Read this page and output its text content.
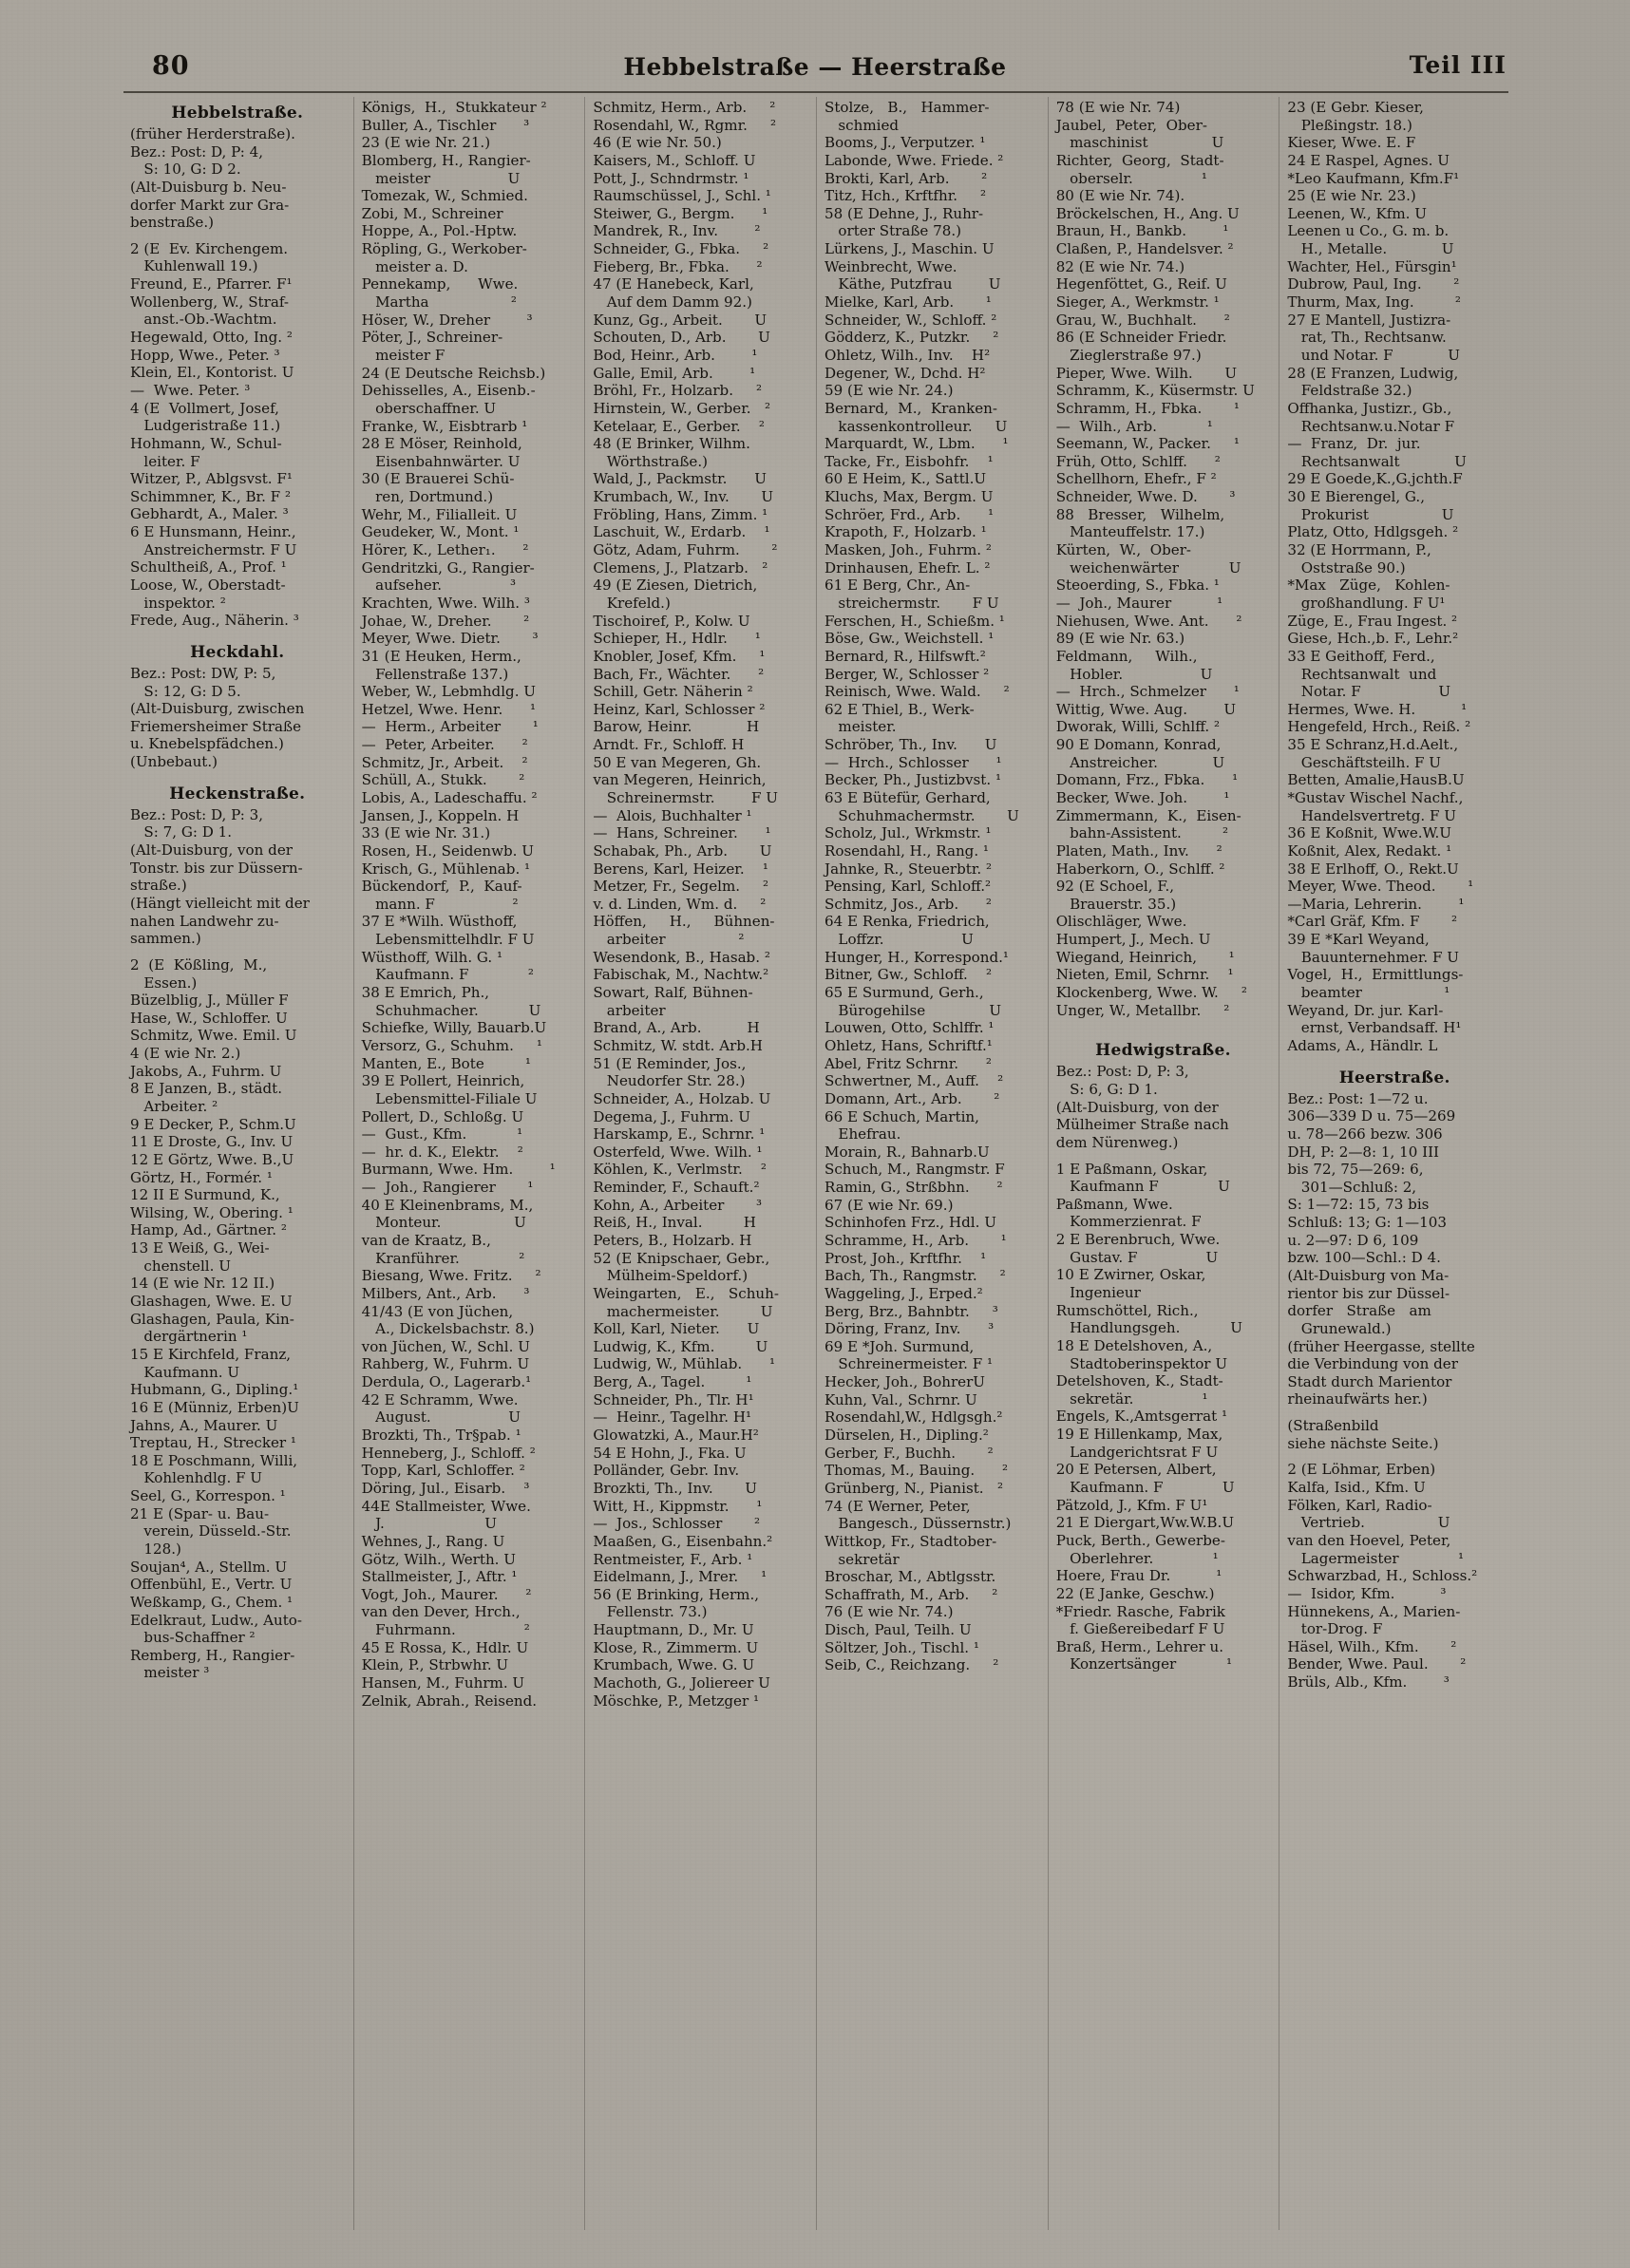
80	Hebbelstraße — Heerstraße	Teil III
Hebbelstraße.
(früher Herderstraße).
Bez.: Post: D, P: 4,
S: 10, G: D 2.
(Alt-Duisburg b. Neu-
dorfer Markt zur Gra-
benstraße.)
2 (E  Ev. Kirchengem.
Kuhlenwall 19.)
Freund, E., Pfarrer. F¹
Wollenberg, W., Straf-
anst.-Ob.-Wachtm.
Hegewald, Otto, Ing. ²
Hopp, Wwe., Peter. ³
Klein, El., Kontorist. U
—  Wwe. Peter. ³
4 (E  Vollmert, Josef,
Ludgeristraße 11.)
Hohmann, W., Schul-
leiter. F
Witzer, P., Ablgsvst. F¹
Schimmner, K., Br. F ²
Gebhardt, A., Maler. ³
6 E Hunsmann, Heinr.,
Anstreichermstr. F U
Schultheiß, A., Prof. ¹
Loose, W., Oberstadt-
inspektor. ²
Frede, Aug., Näherin. ³
Heckdahl.
Bez.: Post: DW, P: 5,
S: 12, G: D 5.
(Alt-Duisburg, zwischen
Friemersheimer Straße
u. Knebelspfädchen.)
(Unbebaut.)
Heckenstraße.
Bez.: Post: D, P: 3,
S: 7, G: D 1.
(Alt-Duisburg, von der
Tonstr. bis zur Düssern-
straße.)
(Hängt vielleicht mit der
nahen Landwehr zu-
sammen.)
2  (E  Kößling,  M.,
Essen.)
Büzelblig, J., Müller F
Hase, W., Schloffer. U
Schmitz, Wwe. Emil. U
4 (E wie Nr. 2.)
Jakobs, A., Fuhrm. U
8 E Janzen, B., städt.
Arbeiter. ²
9 E Decker, P., Schm.U
11 E Droste, G., Inv. U
12 E Görtz, Wwe. B.,U
Görtz, H., Formér. ¹
12 II E Surmund, K.,
Wilsing, W., Obering. ¹
Hamp, Ad., Gärtner. ²
13 E Weiß, G., Wei-
chenstell. U
14 (E wie Nr. 12 II.)
Glashagen, Wwe. E. U
Glashagen, Paula, Kin-
dergärtnerin ¹
15 E Kirchfeld, Franz,
Kaufmann. U
Hubmann, G., Dipling.¹
16 E (Münniz, Erben)U
Jahns, A., Maurer. U
Treptau, H., Strecker ¹
18 E Poschmann, Willi,
Kohlenhdlg. F U
Seel, G., Korrespon. ¹
21 E (Spar- u. Bau-
verein, Düsseld.-Str.
128.)
Soujan⁴, A., Stellm. U
Offenbühl, E., Vertr. U
Weßkamp, G., Chem. ¹
Edelkraut, Ludw., Auto-
bus-Schaffner ²
Remberg, H., Rangier-
meister ³
Königs,  H.,  Stukkateur ²
Buller, A., Tischler      ³
23 (E wie Nr. 21.)
Blomberg, H., Rangier-
meister                 U
Tomezak, W., Schmied.
Zobi, M., Schreiner
Hoppe, A., Pol.-Hptw.
Röpling, G., Werkober-
meister a. D.
Pennekamp,      Wwe.
Martha                  ²
Höser, W., Dreher        ³
Pöter, J., Schreiner-
meister F
24 (E Deutsche Reichsb.)
Dehisselles, A., Eisenb.-
oberschaffner. U
Franke, W., Eisbtrarb ¹
28 E Möser, Reinhold,
Eisenbahnwärter. U
30 (E Brauerei Schü-
ren, Dortmund.)
Wehr, M., Filialleit. U
Geudeker, W., Mont. ¹
Hörer, K., Lether₁.      ²
Gendritzki, G., Rangier-
aufseher.               ³
Krachten, Wwe. Wilh. ³
Johae, W., Dreher.       ²
Meyer, Wwe. Dietr.       ³
31 (E Heuken, Herm.,
Fellenstraße 137.)
Weber, W., Lebmhdlg. U
Hetzel, Wwe. Henr.      ¹
—  Herm., Arbeiter       ¹
—  Peter, Arbeiter.      ²
Schmitz, Jr., Arbeit.    ²
Schüll, A., Stukk.       ²
Lobis, A., Ladeschaffu. ²
Jansen, J., Koppeln. H
33 (E wie Nr. 31.)
Rosen, H., Seidenwb. U
Krisch, G., Mühlenab. ¹
Bückendorf,  P.,  Kauf-
mann. F                 ²
37 E *Wilh. Wüsthoff,
Lebensmittelhdlr. F U
Wüsthoff, Wilh. G. ¹
Kaufmann. F             ²
38 E Emrich, Ph.,
Schuhmacher.           U
Schiefke, Willy, Bauarb.U
Versorz, G., Schuhm.     ¹
Manten, E., Bote         ¹
39 E Pollert, Heinrich,
Lebensmittel-Filiale U
Pollert, D., Schloßg. U
—  Gust., Kfm.           ¹
—  hr. d. K., Elektr.    ²
Burmann, Wwe. Hm.        ¹
—  Joh., Rangierer       ¹
40 E Kleinenbrams, M.,
Monteur.                U
van de Kraatz, B.,
Kranführer.             ²
Biesang, Wwe. Fritz.     ²
Milbers, Ant., Arb.      ³
41/43 (E von Jüchen,
A., Dickelsbachstr. 8.)
von Jüchen, W., Schl. U
Rahberg, W., Fuhrm. U
Derdula, O., Lagerarb.¹
42 E Schramm, Wwe.
August.                 U
Brozkti, Th., Tr§pab. ¹
Henneberg, J., Schloff. ²
Topp, Karl, Schloffer. ²
Döring, Jul., Eisarb.    ³
44E Stallmeister, Wwe.
J.                      U
Wehnes, J., Rang. U
Götz, Wilh., Werth. U
Stallmeister, J., Aftr. ¹
Vogt, Joh., Maurer.      ²
van den Dever, Hrch.,
Fuhrmann.               ²
45 E Rossa, K., Hdlr. U
Klein, P., Strbwhr. U
Hansen, M., Fuhrm. U
Zelnik, Abrah., Reisend.
Schmitz, Herm., Arb.     ²
Rosendahl, W., Rgmr.     ²
46 (E wie Nr. 50.)
Kaisers, M., Schloff. U
Pott, J., Schndrmstr. ¹
Raumschüssel, J., Schl. ¹
Steiwer, G., Bergm.      ¹
Mandrek, R., Inv.        ²
Schneider, G., Fbka.     ²
Fieberg, Br., Fbka.      ²
47 (E Hanebeck, Karl,
Auf dem Damm 92.)
Kunz, Gg., Arbeit.       U
Schouten, D., Arb.       U
Bod, Heinr., Arb.        ¹
Galle, Emil, Arb.        ¹
Bröhl, Fr., Holzarb.     ²
Hirnstein, W., Gerber.   ²
Ketelaar, E., Gerber.    ²
48 (E Brinker, Wilhm.
Wörthstraße.)
Wald, J., Packmstr.      U
Krumbach, W., Inv.       U
Fröbling, Hans, Zimm. ¹
Laschuit, W., Erdarb.    ¹
Götz, Adam, Fuhrm.       ²
Clemens, J., Platzarb.   ²
49 (E Ziesen, Dietrich,
Krefeld.)
Tischoiref, P., Kolw. U
Schieper, H., Hdlr.      ¹
Knobler, Josef, Kfm.     ¹
Bach, Fr., Wächter.      ²
Schill, Getr. Näherin ²
Heinz, Karl, Schlosser ²
Barow, Heinr.            H
Arndt. Fr., Schloff. H
50 E van Megeren, Gh.
van Megeren, Heinrich,
Schreinermstr.        F U
—  Alois, Buchhalter ¹
—  Hans, Schreiner.      ¹
Schabak, Ph., Arb.       U
Berens, Karl, Heizer.    ¹
Metzer, Fr., Segelm.     ²
v. d. Linden, Wm. d.     ²
Höffen,     H.,     Bühnen-
arbeiter                ²
Wesendonk, B., Hasab. ²
Fabischak, M., Nachtw.²
Sowart, Ralf, Bühnen-
arbeiter
Brand, A., Arb.          H
Schmitz, W. stdt. Arb.H
51 (E Reminder, Jos.,
Neudorfer Str. 28.)
Schneider, A., Holzab. U
Degema, J., Fuhrm. U
Harskamp, E., Schrnr. ¹
Osterfeld, Wwe. Wilh. ¹
Köhlen, K., Verlmstr.    ²
Reminder, F., Schauft.²
Kohn, A., Arbeiter       ³
Reiß, H., Inval.         H
Peters, B., Holzarb. H
52 (E Knipschaer, Gebr.,
Mülheim-Speldorf.)
Weingarten,   E.,   Schuh-
machermeister.         U
Koll, Karl, Nieter.      U
Ludwig, K., Kfm.         U
Ludwig, W., Mühlab.      ¹
Berg, A., Tagel.         ¹
Schneider, Ph., Tlr. H¹
—  Heinr., Tagelhr. H¹
Glowatzki, A., Maur.H²
54 E Hohn, J., Fka. U
Polländer, Gebr. Inv.
Brozkti, Th., Inv.       U
Witt, H., Kippmstr.      ¹
—  Jos., Schlosser       ²
Maaßen, G., Eisenbahn.²
Rentmeister, F., Arb. ¹
Eidelmann, J., Mrer.     ¹
56 (E Brinking, Herm.,
Fellenstr. 73.)
Hauptmann, D., Mr. U
Klose, R., Zimmerm. U
Krumbach, Wwe. G. U
Machoth, G., Joliereer U
Möschke, P., Metzger ¹
Stolze,   B.,   Hammer-
schmied
Booms, J., Verputzer. ¹
Labonde, Wwe. Friede. ²
Brokti, Karl, Arb.       ²
Titz, Hch., Krftfhr.     ²
58 (E Dehne, J., Ruhr-
orter Straße 78.)
Lürkens, J., Maschin. U
Weinbrecht, Wwe.
Käthe, Putzfrau        U
Mielke, Karl, Arb.       ¹
Schneider, W., Schloff. ²
Gödderz, K., Putzkr.     ²
Ohletz, Wilh., Inv.    H²
Degener, W., Dchd. H²
59 (E wie Nr. 24.)
Bernard,  M.,  Kranken-
kassenkontrolleur.     U
Marquardt, W., Lbm.      ¹
Tacke, Fr., Eisbohfr.    ¹
60 E Heim, K., Sattl.U
Kluchs, Max, Bergm. U
Schröer, Frd., Arb.      ¹
Krapoth, F., Holzarb. ¹
Masken, Joh., Fuhrm. ²
Drinhausen, Ehefr. L. ²
61 E Berg, Chr., An-
streichermstr.       F U
Ferschen, H., Schießm. ¹
Böse, Gw., Weichstell. ¹
Bernard, R., Hilfswft.²
Berger, W., Schlosser ²
Reinisch, Wwe. Wald.     ²
62 E Thiel, B., Werk-
meister.
Schröber, Th., Inv.      U
—  Hrch., Schlosser      ¹
Becker, Ph., Justizbvst. ¹
63 E Bütefür, Gerhard,
Schuhmachermstr.       U
Scholz, Jul., Wrkmstr. ¹
Rosendahl, H., Rang. ¹
Jahnke, R., Steuerbtr. ²
Pensing, Karl, Schloff.²
Schmitz, Jos., Arb.      ²
64 E Renka, Friedrich,
Loffzr.                 U
Hunger, H., Korrespond.¹
Bitner, Gw., Schloff.    ²
65 E Surmund, Gerh.,
Bürogehilse              U
Louwen, Otto, Schlffr. ¹
Ohletz, Hans, Schriftf.¹
Abel, Fritz Schrnr.      ²
Schwertner, M., Auff.    ²
Domann, Art., Arb.       ²
66 E Schuch, Martin,
Ehefrau.
Morain, R., Bahnarb.U
Schuch, M., Rangmstr. F
Ramin, G., Strßbhn.      ²
67 (E wie Nr. 69.)
Schinhofen Frz., Hdl. U
Schramme, H., Arb.       ¹
Prost, Joh., Krftfhr.    ¹
Bach, Th., Rangmstr.     ²
Waggeling, J., Erped.²
Berg, Brz., Bahnbtr.     ³
Döring, Franz, Inv.      ³
69 E *Joh. Surmund,
Schreinermeister. F ¹
Hecker, Joh., BohrerU
Kuhn, Val., Schrnr. U
Rosendahl,W., Hdlgsgh.²
Dürselen, H., Dipling.²
Gerber, F., Buchh.       ²
Thomas, M., Bauing.      ²
Grünberg, N., Pianist.   ²
74 (E Werner, Peter,
Bangesch., Düssernstr.)
Wittkop, Fr., Stadtober-
sekretär
Broschar, M., Abtlgsstr.
Schaffrath, M., Arb.     ²
76 (E wie Nr. 74.)
Disch, Paul, Teilh. U
Söltzer, Joh., Tischl. ¹
Seib, C., Reichzang.     ²
78 (E wie Nr. 74)
Jaubel,  Peter,  Ober-
maschinist              U
Richter,  Georg,  Stadt-
oberselr.               ¹
80 (E wie Nr. 74).
Bröckelschen, H., Ang. U
Braun, H., Bankb.        ¹
Claßen, P., Handelsver. ²
82 (E wie Nr. 74.)
Hegenföttet, G., Reif. U
Sieger, A., Werkmstr. ¹
Grau, W., Buchhalt.      ²
86 (E Schneider Friedr.
Zieglerstraße 97.)
Pieper, Wwe. Wilh.       U
Schramm, K., Küsermstr. U
Schramm, H., Fbka.       ¹
—  Wilh., Arb.           ¹
Seemann, W., Packer.     ¹
Früh, Otto, Schlff.      ²
Schellhorn, Ehefr., F ²
Schneider, Wwe. D.       ³
88   Bresser,   Wilhelm,
Manteuffelstr. 17.)
Kürten,  W.,  Ober-
weichenwärter           U
Steoerding, S., Fbka. ¹
—  Joh., Maurer          ¹
Niehusen, Wwe. Ant.      ²
89 (E wie Nr. 63.)
Feldmann,     Wilh.,
Hobler.                 U
—  Hrch., Schmelzer      ¹
Wittig, Wwe. Aug.        U
Dworak, Willi, Schlff. ²
90 E Domann, Konrad,
Anstreicher.            U
Domann, Frz., Fbka.      ¹
Becker, Wwe. Joh.        ¹
Zimmermann,  K.,  Eisen-
bahn-Assistent.         ²
Platen, Math., Inv.      ²
Haberkorn, O., Schlff. ²
92 (E Schoel, F.,
Brauerstr. 35.)
Olischläger, Wwe.
Humpert, J., Mech. U
Wiegand, Heinrich,       ¹
Nieten, Emil, Schrnr.    ¹
Klockenberg, Wwe. W.     ²
Unger, W., Metallbr.     ²
Hedwigstraße.
Bez.: Post: D, P: 3,
S: 6, G: D 1.
(Alt-Duisburg, von der
Mülheimer Straße nach
dem Nürenweg.)
1 E Paßmann, Oskar,
Kaufmann F             U
Paßmann, Wwe.
Kommerzienrat. F
2 E Berenbruch, Wwe.
Gustav. F               U
10 E Zwirner, Oskar,
Ingenieur
Rumschöttel, Rich.,
Handlungsgeh.           U
18 E Detelshoven, A.,
Stadtoberinspektor U
Detelshoven, K., Stadt-
sekretär.               ¹
Engels, K.,Amtsgerrat ¹
19 E Hillenkamp, Max,
Landgerichtsrat F U
20 E Petersen, Albert,
Kaufmann. F             U
Pätzold, J., Kfm. F U¹
21 E Diergart,Ww.W.B.U
Puck, Berth., Gewerbe-
Oberlehrer.             ¹
Hoere, Frau Dr.          ¹
22 (E Janke, Geschw.)
*Friedr. Rasche, Fabrik
f. Gießereibedarf F U
Braß, Herm., Lehrer u.
Konzertsänger           ¹
23 (E Gebr. Kieser,
Pleßingstr. 18.)
Kieser, Wwe. E. F
24 E Raspel, Agnes. U
*Leo Kaufmann, Kfm.F¹
25 (E wie Nr. 23.)
Leenen, W., Kfm. U
Leenen u Co., G. m. b.
H., Metalle.            U
Wachter, Hel., Fürsgin¹
Dubrow, Paul, Ing.       ²
Thurm, Max, Ing.         ²
27 E Mantell, Justizra-
rat, Th., Rechtsanw.
und Notar. F            U
28 (E Franzen, Ludwig,
Feldstraße 32.)
Offhanka, Justizr., Gb.,
Rechtsanw.u.Notar F
—  Franz,  Dr.  jur.
Rechtsanwalt            U
29 E Goede,K.,G.jchth.F
30 E Bierengel, G.,
Prokurist                U
Platz, Otto, Hdlgsgeh. ²
32 (E Horrmann, P.,
Oststraße 90.)
*Max   Züge,   Kohlen-
großhandlung. F U¹
Züge, E., Frau Ingest. ²
Giese, Hch.,b. F., Lehr.²
33 E Geithoff, Ferd.,
Rechtsanwalt  und
Notar. F                 U
Hermes, Wwe. H.          ¹
Hengefeld, Hrch., Reiß. ²
35 E Schranz,H.d.Aelt.,
Geschäftsteilh. F U
Betten, Amalie,HausB.U
*Gustav Wischel Nachf.,
Handelsvertretg. F U
36 E Koßnit, Wwe.W.U
Koßnit, Alex, Redakt. ¹
38 E Erlhoff, O., Rekt.U
Meyer, Wwe. Theod.       ¹
—Maria, Lehrerin.        ¹
*Carl Gräf, Kfm. F       ²
39 E *Karl Weyand,
Bauunternehmer. F U
Vogel,  H.,  Ermittlungs-
beamter                  ¹
Weyand, Dr. jur. Karl-
ernst, Verbandsaff. H¹
Adams, A., Händlr. L
Heerstraße.
Bez.: Post: 1—72 u.
306—339 D u. 75—269
u. 78—266 bezw. 306
DH, P: 2—8: 1, 10 III
bis 72, 75—269: 6,
301—Schluß: 2,
S: 1—72: 15, 73 bis
Schluß: 13; G: 1—103
u. 2—97: D 6, 109
bzw. 100—Schl.: D 4.
(Alt-Duisburg von Ma-
rientor bis zur Düssel-
dorfer   Straße   am
Grunewald.)
(früher Heergasse, stellte
die Verbindung von der
Stadt durch Marientor
rheinaufwärts her.)
(Straßenbild
siehe nächste Seite.)
2 (E Löhmar, Erben)
Kalfa, Isid., Kfm. U
Fölken, Karl, Radio-
Vertrieb.                U
van den Hoevel, Peter,
Lagermeister             ¹
Schwarzbad, H., Schloss.²
—  Isidor, Kfm.          ³
Hünnekens, A., Marien-
tor-Drog. F
Häsel, Wilh., Kfm.       ²
Bender, Wwe. Paul.       ²
Brüls, Alb., Kfm.        ³
